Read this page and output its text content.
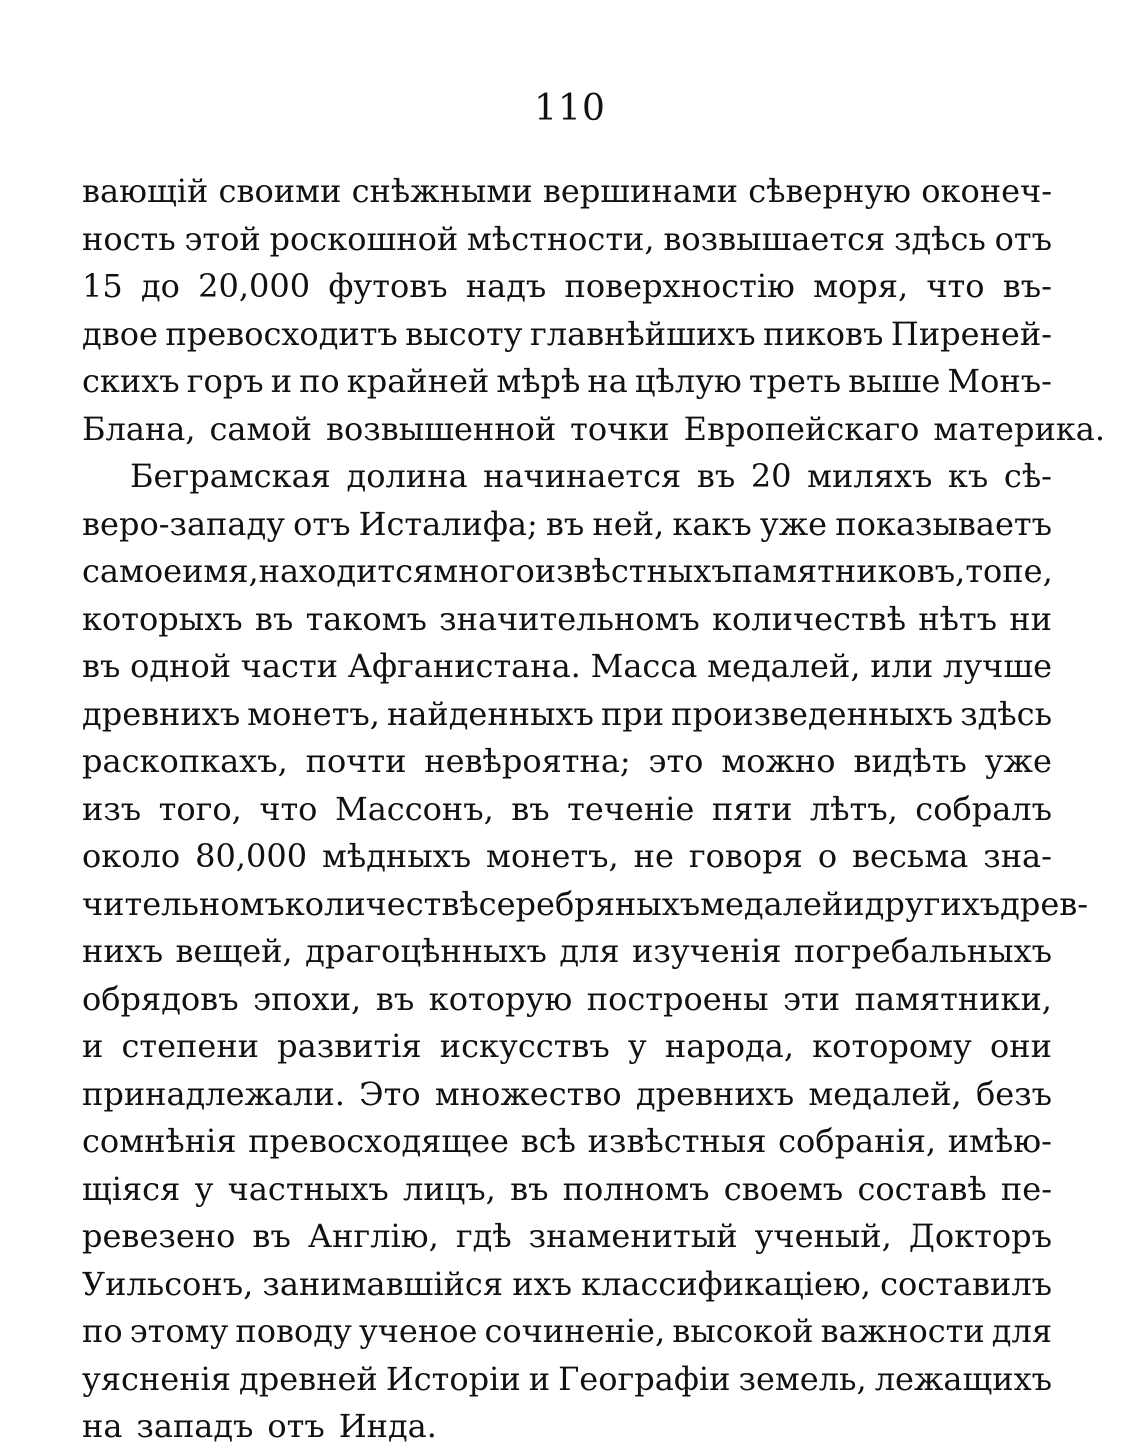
110
вающій своими снѣжными вершинами сѣверную оконеч-
ность этой роскошной мѣстности, возвышается здѣсь отъ
15 до 20,000 футовъ надъ поверхностію моря, что въ-
двое превосходитъ высоту главнѣйшихъ пиковъ Пиреней-
скихъ горъ и по крайней мѣрѣ на цѣлую треть выше Монъ-
Блана, самой возвышенной точки Европейскаго материка.
Беграмская долина начинается въ 20 миляхъ къ сѣ-
веро-западу отъ Исталифа; въ ней, какъ уже показываетъ
самое имя, находится много извѣстныхъ памятниковъ, топе,
которыхъ въ такомъ значительномъ количествѣ нѣтъ ни
въ одной части Афганистана. Масса медалей, или лучше
древнихъ монетъ, найденныхъ при произведенныхъ здѣсь
раскопкахъ, почти невѣроятна; это можно видѣть уже
изъ того, что Массонъ, въ теченіе пяти лѣтъ, собралъ
около 80,000 мѣдныхъ монетъ, не говоря о весьма зна-
чительномъ количествѣ серебряныхъ медалей и другихъ древ-
нихъ вещей, драгоцѣнныхъ для изученія погребальныхъ
обрядовъ эпохи, въ которую построены эти памятники,
и степени развитія искусствъ у народа, которому они
принадлежали. Это множество древнихъ медалей, безъ
сомнѣнія превосходящее всѣ извѣстныя собранія, имѣю-
щіяся у частныхъ лицъ, въ полномъ своемъ составѣ пе-
ревезено въ Англію, гдѣ знаменитый ученый, Докторъ
Уильсонъ, занимавшійся ихъ классификаціею, составилъ
по этому поводу ученое сочиненіе, высокой важности для
уясненія древней Исторіи и Географіи земель, лежащихъ
на западъ отъ Инда.
